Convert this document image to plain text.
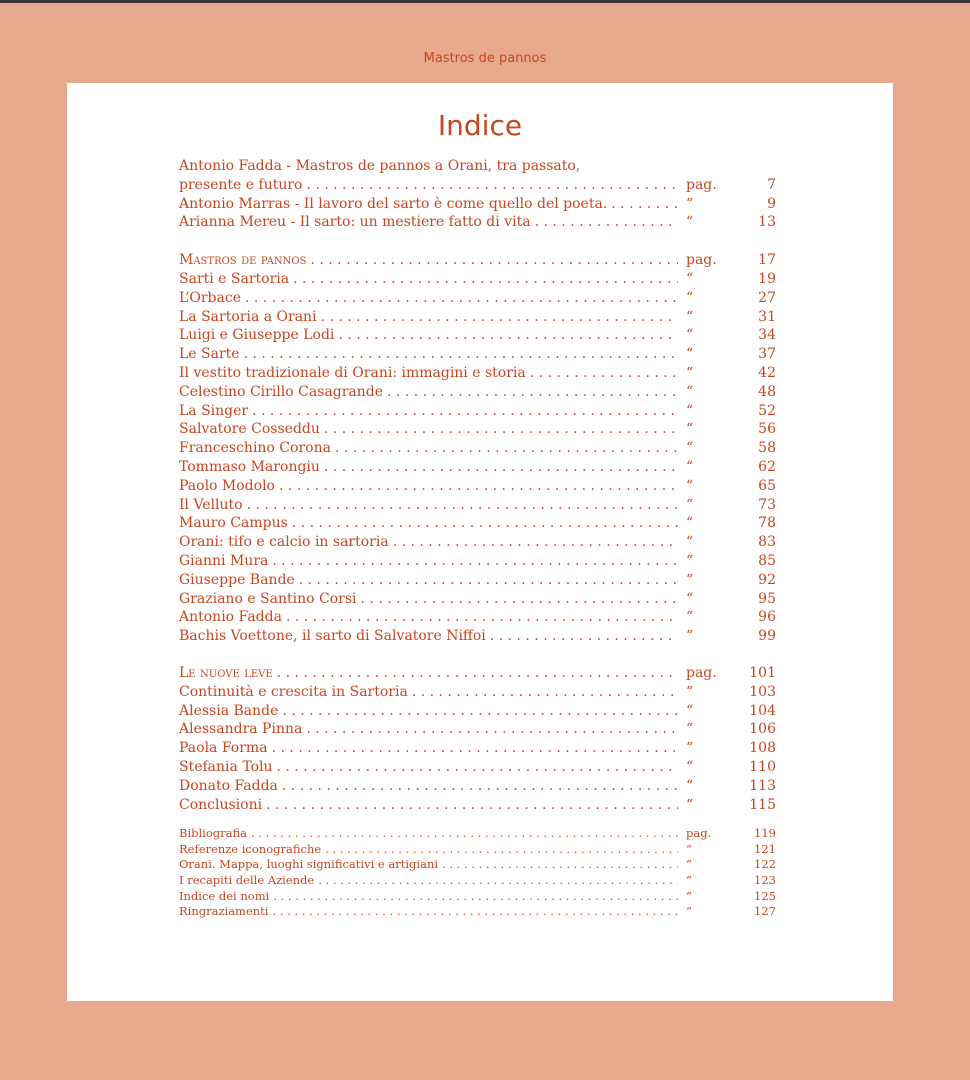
Mastros de pannos
Indice
Antonio Fadda - Mastros de pannos a Orani, tra passato,
presente e futuro . . .	pag.	7
Antonio Marras - Il lavoro del sarto è come quello del poeta. . . .	“	9
Arianna Mereu - Il sarto: un mestiere fatto di vita . . .	“	13
Mastros de pannos . . .	pag.	17
Sarti e Sartoria . . .	“	19
L’Orbace . . .	“	27
La Sartoria a Orani . . .	“	31
Luigi e Giuseppe Lodi . . .	“	34
Le Sarte . . .	“	37
Il vestito tradizionale di Orani: immagini e storia . . .	“	42
Celestino Cirillo Casagrande . . .	“	48
La Singer . . .	“	52
Salvatore Cosseddu . . .	“	56
Franceschino Corona . . .	“	58
Tommaso Marongiu . . .	“	62
Paolo Modolo . . .	“	65
Il Velluto . . .	“	73
Mauro Campus . . .	“	78
Orani: tifo e calcio in sartoria . . .	“	83
Gianni Mura . . .	“	85
Giuseppe Bande . . .	“	92
Graziano e Santino Corsi . . .	“	95
Antonio Fadda . . .	“	96
Bachis Voettone, il sarto di Salvatore Niffoi . . .	“	99
Le nuove leve . . .	pag.	101
Continuità e crescita in Sartoria . . .	“	103
Alessia Bande . . .	“	104
Alessandra Pinna . . .	“	106
Paola Forma . . .	“	108
Stefania Tolu . . .	“	110
Donato Fadda . . .	“	113
Conclusioni . . .	“	115
Bibliografia . . .	pag.	119
Referenze iconografiche . . .	“	121
Orani. Mappa, luoghi significativi e artigiani . . .	“	122
I recapiti delle Aziende . . .	“	123
Indice dei nomi . . .	“	125
Ringraziamenti . . .	“	127
